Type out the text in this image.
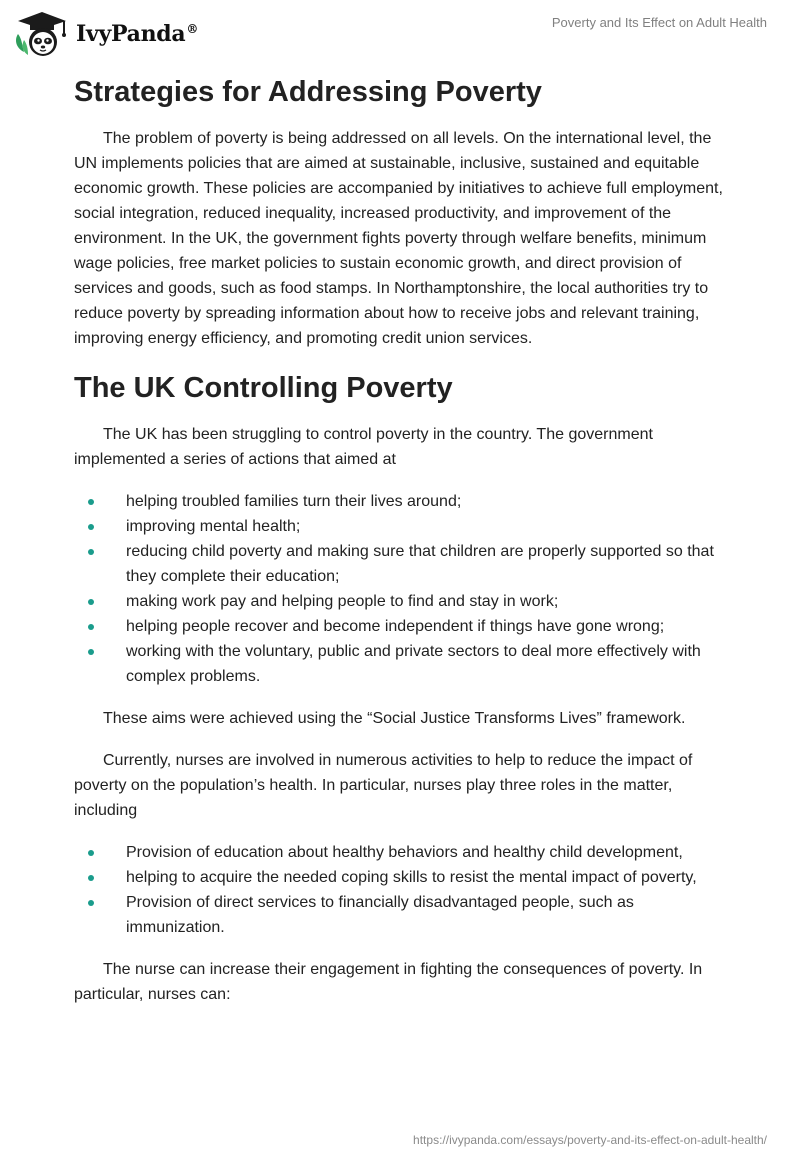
IvyPanda®	Poverty and Its Effect on Adult Health
Strategies for Addressing Poverty

The problem of poverty is being addressed on all levels. On the international level, the UN implements policies that are aimed at sustainable, inclusive, sustained and equitable economic growth. These policies are accompanied by initiatives to achieve full employment, social integration, reduced inequality, increased productivity, and improvement of the environment. In the UK, the government fights poverty through welfare benefits, minimum wage policies, free market policies to sustain economic growth, and direct provision of services and goods, such as food stamps. In Northamptonshire, the local authorities try to reduce poverty by spreading information about how to receive jobs and relevant training, improving energy efficiency, and promoting credit union services.

The UK Controlling Poverty

The UK has been struggling to control poverty in the country. The government implemented a series of actions that aimed at

helping troubled families turn their lives around;
improving mental health;
reducing child poverty and making sure that children are properly supported so that they complete their education;
making work pay and helping people to find and stay in work;
helping people recover and become independent if things have gone wrong;
working with the voluntary, public and private sectors to deal more effectively with complex problems.

These aims were achieved using the “Social Justice Transforms Lives” framework.

Currently, nurses are involved in numerous activities to help to reduce the impact of poverty on the population’s health. In particular, nurses play three roles in the matter, including

Provision of education about healthy behaviors and healthy child development,
helping to acquire the needed coping skills to resist the mental impact of poverty,
Provision of direct services to financially disadvantaged people, such as immunization.

The nurse can increase their engagement in fighting the consequences of poverty. In particular, nurses can:

https://ivypanda.com/essays/poverty-and-its-effect-on-adult-health/
